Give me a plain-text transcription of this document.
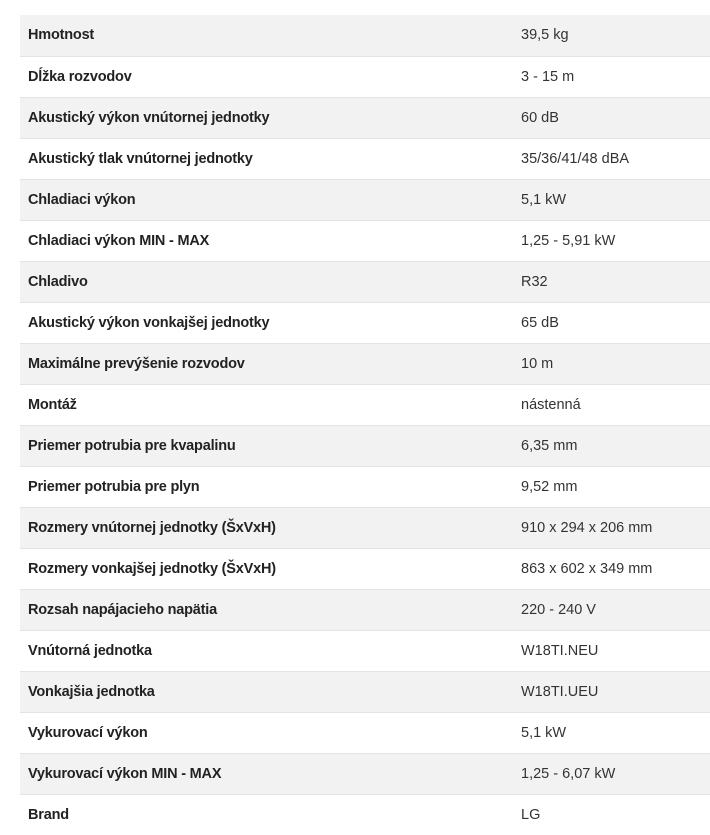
Hmotnost	39,5 kg
Dĺžka rozvodov	3 - 15 m
Akustický výkon vnútornej jednotky	60 dB
Akustický tlak vnútornej jednotky	35/36/41/48 dBA
Chladiaci výkon	5,1 kW
Chladiaci výkon MIN - MAX	1,25 - 5,91 kW
Chladivo	R32
Akustický výkon vonkajšej jednotky	65 dB
Maximálne prevýšenie rozvodov	10 m
Montáž	nástenná
Priemer potrubia pre kvapalinu	6,35 mm
Priemer potrubia pre plyn	9,52 mm
Rozmery vnútornej jednotky (ŠxVxH)	910 x 294 x 206 mm
Rozmery vonkajšej jednotky (ŠxVxH)	863 x 602 x 349 mm
Rozsah napájacieho napätia	220 - 240 V
Vnútorná jednotka	W18TI.NEU
Vonkajšia jednotka	W18TI.UEU
Vykurovací výkon	5,1 kW
Vykurovací výkon MIN - MAX	1,25 - 6,07 kW
Brand	LG
